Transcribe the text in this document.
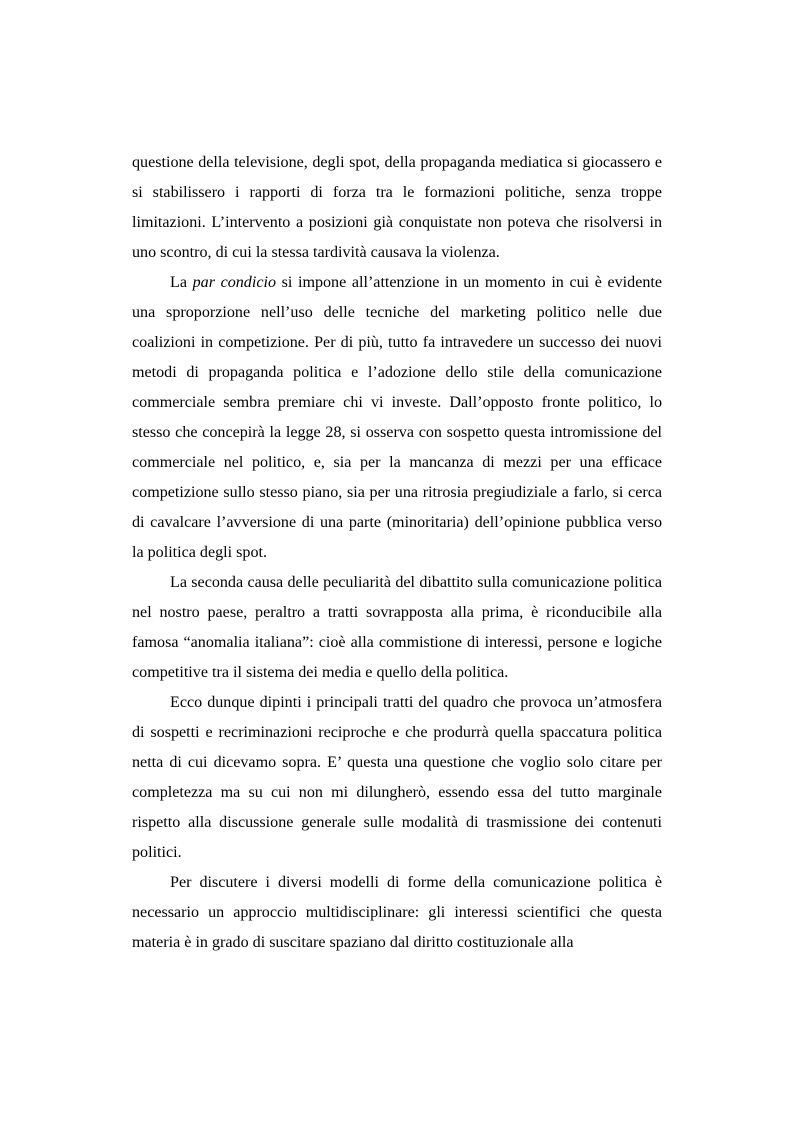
questione della televisione, degli spot, della propaganda mediatica si giocassero e si stabilissero i rapporti di forza tra le formazioni politiche, senza troppe limitazioni. L’intervento a posizioni già conquistate non poteva che risolversi in uno scontro, di cui la stessa tardività causava la violenza.

La par condicio si impone all’attenzione in un momento in cui è evidente una sproporzione nell’uso delle tecniche del marketing politico nelle due coalizioni in competizione. Per di più, tutto fa intravedere un successo dei nuovi metodi di propaganda politica e l’adozione dello stile della comunicazione commerciale sembra premiare chi vi investe. Dall’opposto fronte politico, lo stesso che concepirà la legge 28, si osserva con sospetto questa intromissione del commerciale nel politico, e, sia per la mancanza di mezzi per una efficace competizione sullo stesso piano, sia per una ritrosia pregiudiziale a farlo, si cerca di cavalcare l’avversione di una parte (minoritaria) dell’opinione pubblica verso la politica degli spot.

La seconda causa delle peculiarità del dibattito sulla comunicazione politica nel nostro paese, peraltro a tratti sovrapposta alla prima, è riconducibile alla famosa “anomalia italiana”: cioè alla commistione di interessi, persone e logiche competitive tra il sistema dei media e quello della politica.

Ecco dunque dipinti i principali tratti del quadro che provoca un’atmosfera di sospetti e recriminazioni reciproche e che produrrà quella spaccatura politica netta di cui dicevamo sopra. E’ questa una questione che voglio solo citare per completezza ma su cui non mi dilungherò, essendo essa del tutto marginale rispetto alla discussione generale sulle modalità di trasmissione dei contenuti politici.

Per discutere i diversi modelli di forme della comunicazione politica è necessario un approccio multidisciplinare: gli interessi scientifici che questa materia è in grado di suscitare spaziano dal diritto costituzionale alla
